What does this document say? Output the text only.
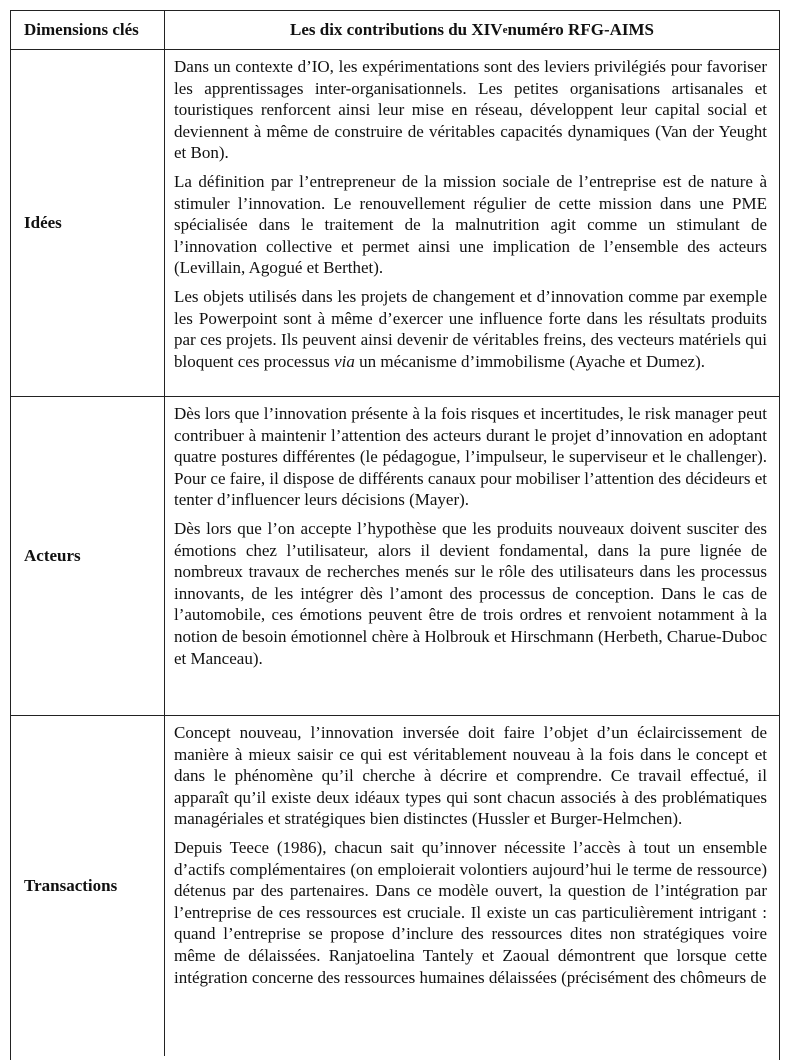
Dimensions clés	Les dix contributions du XIV e numéro RFG-AIMS
Idées

Dans un contexte d’IO, les expérimentations sont des leviers privilégiés pour favoriser les apprentissages inter-organisationnels. Les petites organisations artisanales et touristiques renforcent ainsi leur mise en réseau, développent leur capital social et deviennent à même de construire de véritables capacités dynamiques (Van der Yeught et Bon).

La définition par l’entrepreneur de la mission sociale de l’entreprise est de nature à stimuler l’innovation. Le renouvellement régulier de cette mission dans une PME spécialisée dans le traitement de la malnutrition agit comme un stimulant de l’innovation collective et permet ainsi une implication de l’ensemble des acteurs (Levillain, Agogué et Berthet).

Les objets utilisés dans les projets de changement et d’innovation comme par exemple les Powerpoint sont à même d’exercer une influence forte dans les résultats produits par ces projets. Ils peuvent ainsi devenir de véritables freins, des vecteurs matériels qui bloquent ces processus via un mécanisme d’immobilisme (Ayache et Dumez).

Acteurs

Dès lors que l’innovation présente à la fois risques et incertitudes, le risk manager peut contribuer à maintenir l’attention des acteurs durant le projet d’innovation en adoptant quatre postures différentes (le pédagogue, l’impulseur, le superviseur et le challenger). Pour ce faire, il dispose de différents canaux pour mobiliser l’attention des décideurs et tenter d’influencer leurs décisions (Mayer).

Dès lors que l’on accepte l’hypothèse que les produits nouveaux doivent susciter des émotions chez l’utilisateur, alors il devient fondamental, dans la pure lignée de nombreux travaux de recherches menés sur le rôle des utilisateurs dans les processus innovants, de les intégrer dès l’amont des processus de conception. Dans le cas de l’automobile, ces émotions peuvent être de trois ordres et renvoient notamment à la notion de besoin émotionnel chère à Holbrouk et Hirschmann (Herbeth, Charue-Duboc et Manceau).

Transactions

Concept nouveau, l’innovation inversée doit faire l’objet d’un éclaircissement de manière à mieux saisir ce qui est véritablement nouveau à la fois dans le concept et dans le phénomène qu’il cherche à décrire et comprendre. Ce travail effectué, il apparaît qu’il existe deux idéaux types qui sont chacun associés à des problématiques managériales et stratégiques bien distinctes (Hussler et Burger-Helmchen).

Depuis Teece (1986), chacun sait qu’innover nécessite l’accès à tout un ensemble d’actifs complémentaires (on emploierait volontiers aujourd’hui le terme de ressource) détenus par des partenaires. Dans ce modèle ouvert, la question de l’intégration par l’entreprise de ces ressources est cruciale. Il existe un cas particulièrement intrigant : quand l’entreprise se propose d’inclure des ressources dites non stratégiques voire même de délaissées. Ranjatoelina Tantely et Zaoual démontrent que lorsque cette intégration concerne des ressources humaines délaissées (précisément des chômeurs de
